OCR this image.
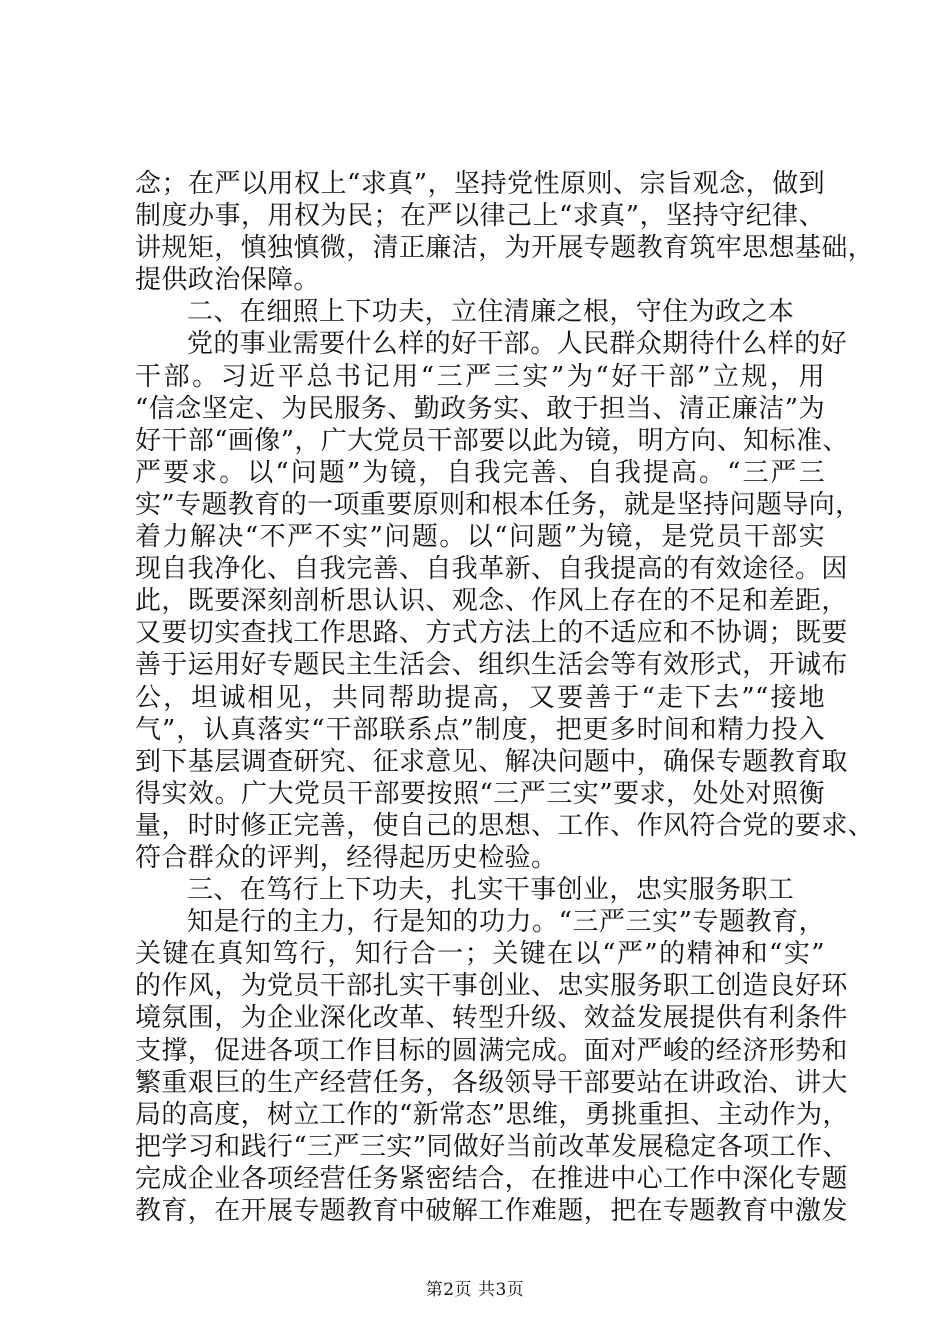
念；在严以用权上“求真”，坚持党性原则、宗旨观念，做到
制度办事，用权为民；在严以律己上“求真”，坚持守纪律、
讲规矩，慎独慎微，清正廉洁，为开展专题教育筑牢思想基础，
提供政治保障。
二、在细照上下功夫，立住清廉之根，守住为政之本
党的事业需要什么样的好干部。人民群众期待什么样的好
干部。习近平总书记用“三严三实”为“好干部”立规，用
“信念坚定、为民服务、勤政务实、敢于担当、清正廉洁”为
好干部“画像”，广大党员干部要以此为镜，明方向、知标准、
严要求。以“问题”为镜，自我完善、自我提高。“三严三
实”专题教育的一项重要原则和根本任务，就是坚持问题导向，
着力解决“不严不实”问题。以“问题”为镜，是党员干部实
现自我净化、自我完善、自我革新、自我提高的有效途径。因
此，既要深刻剖析思认识、观念、作风上存在的不足和差距，
又要切实查找工作思路、方式方法上的不适应和不协调；既要
善于运用好专题民主生活会、组织生活会等有效形式，开诚布
公，坦诚相见，共同帮助提高，又要善于“走下去”“接地
气”，认真落实“干部联系点”制度，把更多时间和精力投入
到下基层调查研究、征求意见、解决问题中，确保专题教育取
得实效。广大党员干部要按照“三严三实”要求，处处对照衡
量，时时修正完善，使自己的思想、工作、作风符合党的要求、
符合群众的评判，经得起历史检验。
三、在笃行上下功夫，扎实干事创业，忠实服务职工
知是行的主力，行是知的功力。“三严三实”专题教育，
关键在真知笃行，知行合一；关键在以“严”的精神和“实”
的作风，为党员干部扎实干事创业、忠实服务职工创造良好环
境氛围，为企业深化改革、转型升级、效益发展提供有利条件
支撑，促进各项工作目标的圆满完成。面对严峻的经济形势和
繁重艰巨的生产经营任务，各级领导干部要站在讲政治、讲大
局的高度，树立工作的“新常态”思维，勇挑重担、主动作为，
把学习和践行“三严三实”同做好当前改革发展稳定各项工作、
完成企业各项经营任务紧密结合，在推进中心工作中深化专题
教育，在开展专题教育中破解工作难题，把在专题教育中激发
第2页 共3页
